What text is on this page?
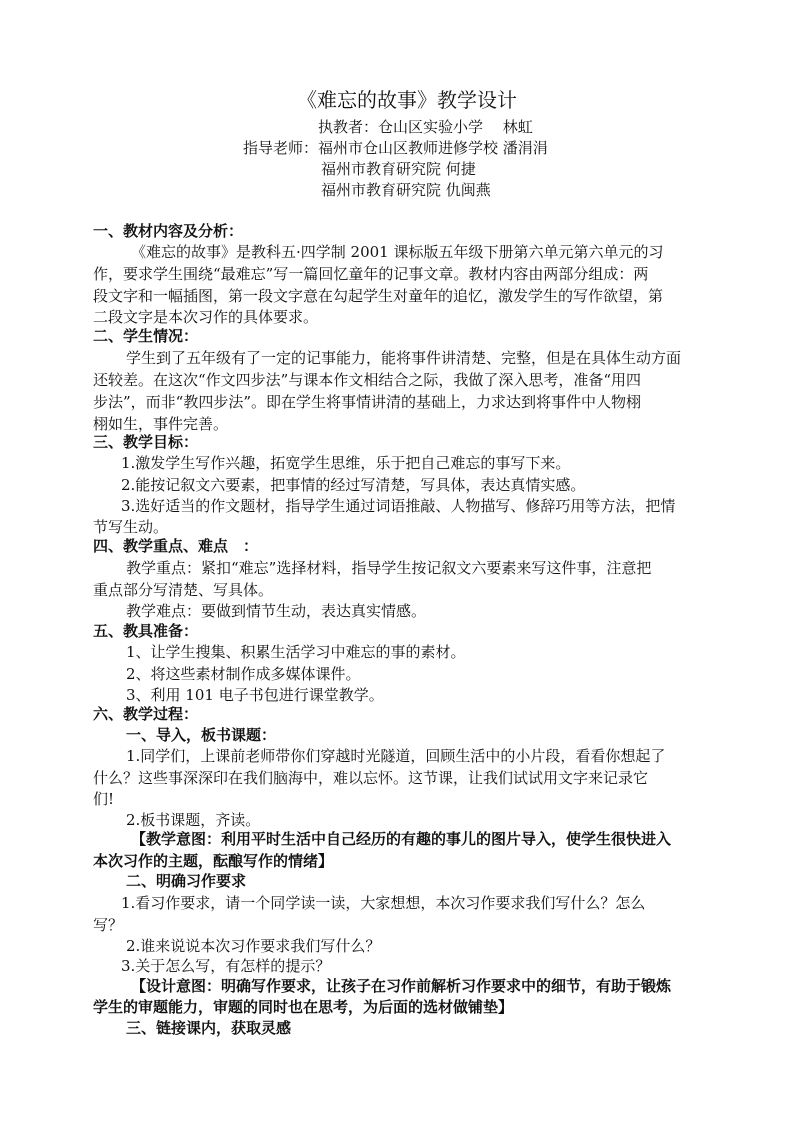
《难忘的故事》教学设计
执教者：仓山区实验小学　 林虹
指导老师：福州市仓山区教师进修学校 潘涓涓
福州市教育研究院 何捷
福州市教育研究院 仇闽燕
一、教材内容及分析：
《难忘的故事》是教科五·四学制 2001 课标版五年级下册第六单元第六单元的习
作，要求学生围绕“最难忘”写一篇回忆童年的记事文章。教材内容由两部分组成：两
段文字和一幅插图，第一段文字意在勾起学生对童年的追忆，激发学生的写作欲望，第
二段文字是本次习作的具体要求。
二、学生情况：
学生到了五年级有了一定的记事能力，能将事件讲清楚、完整，但是在具体生动方面
还较差。在这次“作文四步法”与课本作文相结合之际，我做了深入思考，准备“用四
步法”，而非“教四步法”。即在学生将事情讲清的基础上，力求达到将事件中人物栩
栩如生，事件完善。
三、教学目标：
1.激发学生写作兴趣，拓宽学生思维，乐于把自己难忘的事写下来。
2.能按记叙文六要素，把事情的经过写清楚，写具体，表达真情实感。
3.选好适当的作文题材，指导学生通过词语推敲、人物描写、修辞巧用等方法，把情
节写生动。
四、教学重点、难点　：
教学重点：紧扣“难忘”选择材料，指导学生按记叙文六要素来写这件事，注意把
重点部分写清楚、写具体。
教学难点：要做到情节生动，表达真实情感。
五、教具准备：
1、让学生搜集、积累生活学习中难忘的事的素材。
2、将这些素材制作成多媒体课件。
3、利用 101 电子书包进行课堂教学。
六、教学过程：
一、导入，板书课题：
1.同学们，上课前老师带你们穿越时光隧道，回顾生活中的小片段，看看你想起了
什么？这些事深深印在我们脑海中，难以忘怀。这节课，让我们试试用文字来记录它
们!
2.板书课题，齐读。
【教学意图：利用平时生活中自己经历的有趣的事儿的图片导入，使学生很快进入
本次习作的主题，酝酿写作的情绪】
二、明确习作要求
1.看习作要求，请一个同学读一读，大家想想，本次习作要求我们写什么？怎么
写？
2.谁来说说本次习作要求我们写什么？
3.关于怎么写，有怎样的提示？
【设计意图：明确写作要求，让孩子在习作前解析习作要求中的细节，有助于锻炼
学生的审题能力，审题的同时也在思考，为后面的选材做铺垫】
三、链接课内，获取灵感
